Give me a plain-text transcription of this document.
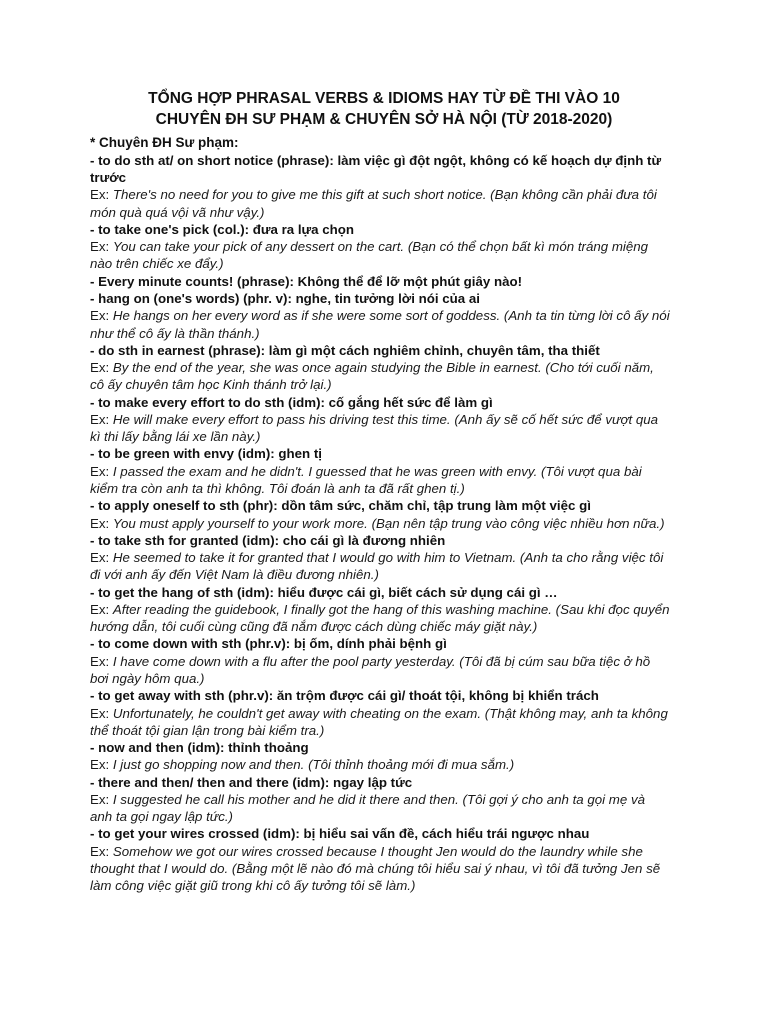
TỔNG HỢP PHRASAL VERBS & IDIOMS HAY TỪ ĐỀ THI VÀO 10
CHUYÊN ĐH SƯ PHẠM & CHUYÊN SỞ HÀ NỘI (TỪ 2018-2020)

* Chuyên ĐH Sư phạm:

- to do sth at/ on short notice (phrase): làm việc gì đột ngột, không có kế hoạch dự định từ trước

Ex: There's no need for you to give me this gift at such short notice. (Bạn không cần phải đưa tôi món quà quá vội vã như vậy.)

- to take one's pick (col.): đưa ra lựa chọn

Ex: You can take your pick of any dessert on the cart. (Bạn có thể chọn bất kì món tráng miệng nào trên chiếc xe đẩy.)

- Every minute counts! (phrase): Không thể để lỡ một phút giây nào!

- hang on (one's words) (phr. v): nghe, tin tưởng lời nói của ai

Ex: He hangs on her every word as if she were some sort of goddess. (Anh ta tin từng lời cô ấy nói như thể cô ấy là thần thánh.)

- do sth in earnest (phrase): làm gì một cách nghiêm chỉnh, chuyên tâm, tha thiết

Ex: By the end of the year, she was once again studying the Bible in earnest. (Cho tới cuối năm, cô ấy chuyên tâm học Kinh thánh trở lại.)

- to make every effort to do sth (idm): cố gắng hết sức để làm gì

Ex: He will make every effort to pass his driving test this time. (Anh ấy sẽ cố hết sức để vượt qua kì thi lấy bằng lái xe lần này.)

- to be green with envy (idm): ghen tị

Ex: I passed the exam and he didn't. I guessed that he was green with envy. (Tôi vượt qua bài kiểm tra còn anh ta thì không. Tôi đoán là anh ta đã rất ghen tị.)

- to apply oneself to sth (phr): dồn tâm sức, chăm chỉ, tập trung làm một việc gì

Ex: You must apply yourself to your work more. (Bạn nên tập trung vào công việc nhiều hơn nữa.)

- to take sth for granted (idm): cho cái gì là đương nhiên

Ex: He seemed to take it for granted that I would go with him to Vietnam. (Anh ta cho rằng việc tôi đi với anh ấy đến Việt Nam là điều đương nhiên.)

- to get the hang of sth (idm): hiểu được cái gì, biết cách sử dụng cái gì …

Ex: After reading the guidebook, I finally got the hang of this washing machine. (Sau khi đọc quyển hướng dẫn, tôi cuối cùng cũng đã nắm được cách dùng chiếc máy giặt này.)

- to come down with sth (phr.v): bị ốm, dính phải bệnh gì

Ex: I have come down with a flu after the pool party yesterday. (Tôi đã bị cúm sau bữa tiệc ở hồ bơi ngày hôm qua.)

- to get away with sth (phr.v): ăn trộm được cái gì/ thoát tội, không bị khiển trách

Ex: Unfortunately, he couldn't get away with cheating on the exam. (Thật không may, anh ta không thể thoát tội gian lận trong bài kiểm tra.)

- now and then (idm): thỉnh thoảng

Ex: I just go shopping now and then. (Tôi thỉnh thoảng mới đi mua sắm.)

- there and then/ then and there (idm): ngay lập tức

Ex: I suggested he call his mother and he did it there and then. (Tôi gợi ý cho anh ta gọi mẹ và anh ta gọi ngay lập tức.)

- to get your wires crossed (idm): bị hiểu sai vấn đề, cách hiểu trái ngược nhau

Ex: Somehow we got our wires crossed because I thought Jen would do the laundry while she thought that I would do. (Bằng một lẽ nào đó mà chúng tôi hiểu sai ý nhau, vì tôi đã tưởng Jen sẽ làm công việc giặt giũ trong khi cô ấy tưởng tôi sẽ làm.)
